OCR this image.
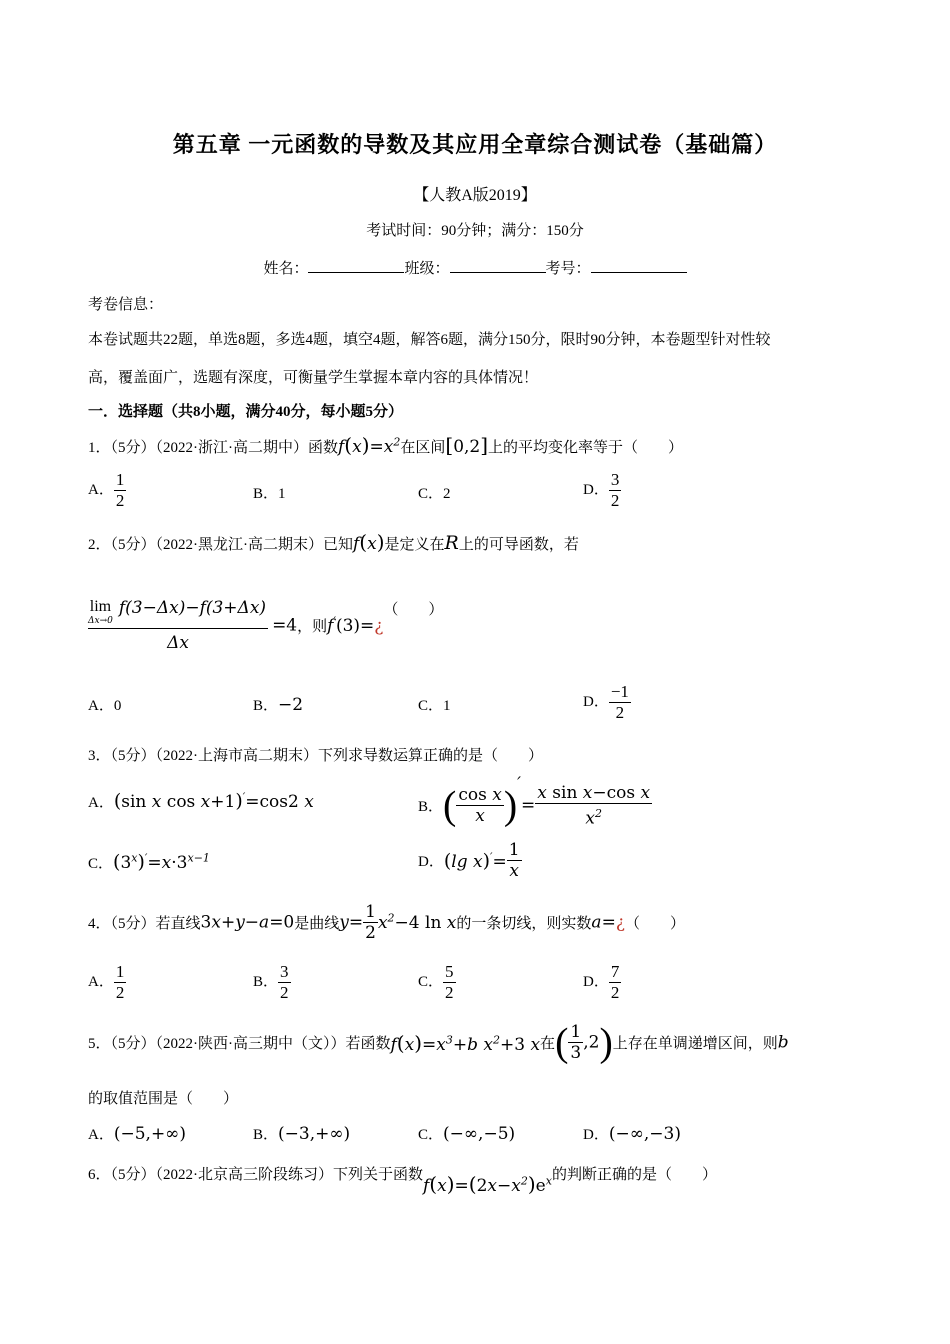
第五章 一元函数的导数及其应用全章综合测试卷（基础篇）
【人教A版2019】
考试时间：90分钟；满分：150分
姓名：	班级：	考号：
考卷信息：
本卷试题共22题，单选8题，多选4题，填空4题，解答6题，满分150分，限时90分钟，本卷题型针对性较
高，覆盖面广，选题有深度，可衡量学生掌握本章内容的具体情况！
一．选择题（共8小题，满分40分，每小题5分）
1．（5分）（2022·浙江·高二期中）函数$f(x)=x^2$在区间[0,2]上的平均变化率等于（　　）
A． $\frac{1}{2}$	B．1	C．2	D． $\frac{3}{2}$
2．（5分）（2022·黑龙江·高二期末）已知f(x)是定义在R上的可导函数，若
lim
Δx→0
f(3−Δx)−f(3+Δx)
Δx =4，则f′(3)=¿（　　）
A．0	B．−2	C．1	D． $\frac{-1}{2}$
3．（5分）（2022·上海市高二期末）下列求导数运算正确的是（　　）
A．(sin x cos x+1)′=cos2 x	B．( $\frac{\text{cos x}}{x} )'= \frac{\text{x sin x−cos x}}{x^2}$
C．$(3^x)'=x\cdot 3^{x-1}$	D．(lg $x)'= \frac{1}{x}$
4．（5分）若直线3x+y−a=0是曲线$y= \frac{1}{2} x^2-4$ ln x的一条切线，则实数a=¿（　　）
A． $\frac{1}{2}$	B． $\frac{3}{2}$	C． $\frac{5}{2}$	D． $\frac{7}{2}$
5．（5分）（2022·陕西·高三期中（文））若函数$f(x)=x^3+b$ $x^2+3$ x在( $\frac{1}{3} ,2$)上存在单调递增区间，则b
的取值范围是（　　）
A．(−5,+∞)	B．(−3,+∞)	C．(−∞,−5)	D．(−∞,−3)
6．（5分）（2022·北京高三阶段练习）下列关于函数$f(x)=(2x-x^2)e^x$的判断正确的是（　　）
